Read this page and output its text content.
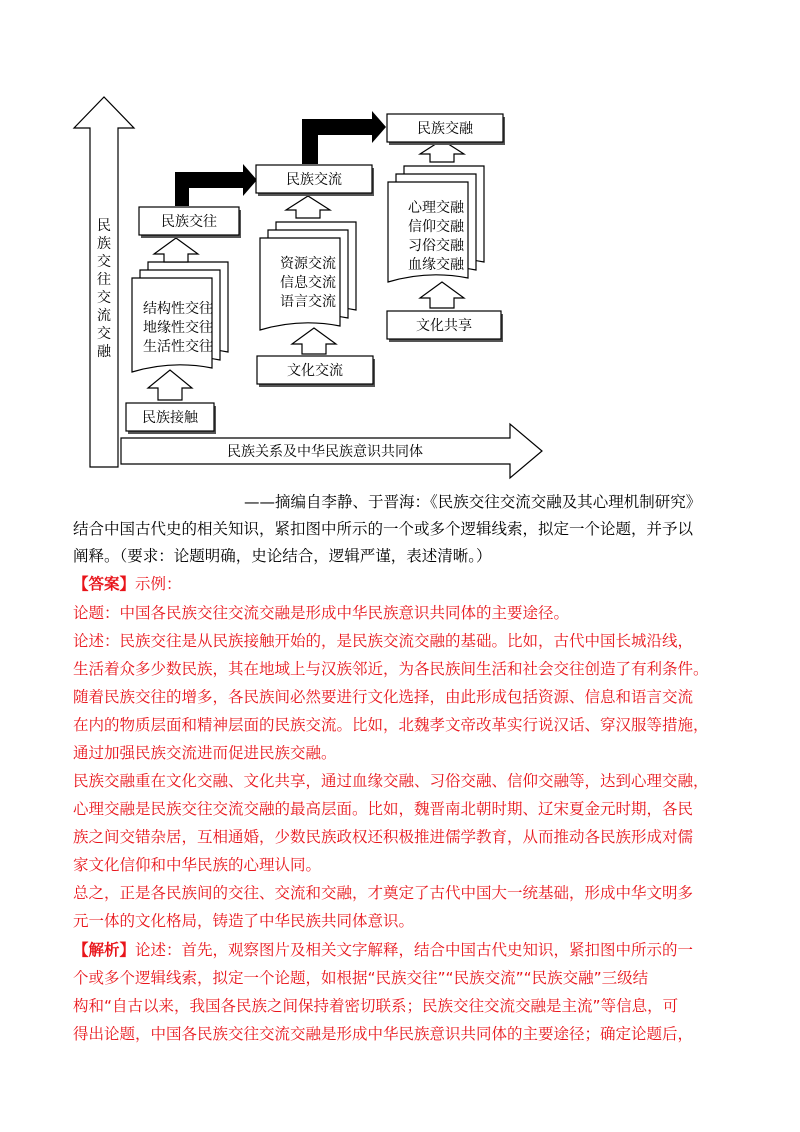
民
族
交
往
交
流
交
融
民族关系及中华民族意识共同体
民族接触
结构性交往
地缘性交往
生活性交往
民族交往
文化交流
资源交流
信息交流
语言交流
民族交流
文化共享
心理交融
信仰交融
习俗交融
血缘交融
民族交融
——摘编自李静、于晋海：《民族交往交流交融及其心理机制研究》
结合中国古代史的相关知识，紧扣图中所示的一个或多个逻辑线索，拟定一个论题，并予以
阐释。（要求：论题明确，史论结合，逻辑严谨，表述清晰。）
【答案】示例：
论题：中国各民族交往交流交融是形成中华民族意识共同体的主要途径。
论述：民族交往是从民族接触开始的，是民族交流交融的基础。比如，古代中国长城沿线，
生活着众多少数民族，其在地域上与汉族邻近，为各民族间生活和社会交往创造了有利条件。
随着民族交往的增多，各民族间必然要进行文化选择，由此形成包括资源、信息和语言交流
在内的物质层面和精神层面的民族交流。比如，北魏孝文帝改革实行说汉话、穿汉服等措施，
通过加强民族交流进而促进民族交融。
民族交融重在文化交融、文化共享，通过血缘交融、习俗交融、信仰交融等，达到心理交融，
心理交融是民族交往交流交融的最高层面。比如，魏晋南北朝时期、辽宋夏金元时期，各民
族之间交错杂居，互相通婚，少数民族政权还积极推进儒学教育，从而推动各民族形成对儒
家文化信仰和中华民族的心理认同。
总之，正是各民族间的交往、交流和交融，才奠定了古代中国大一统基础，形成中华文明多
元一体的文化格局，铸造了中华民族共同体意识。
【解析】论述：首先，观察图片及相关文字解释，结合中国古代史知识，紧扣图中所示的一
个或多个逻辑线索，拟定一个论题，如根据“民族交往”“民族交流”“民族交融”三级结
构和“自古以来，我国各民族之间保持着密切联系；民族交往交流交融是主流”等信息，可
得出论题，中国各民族交往交流交融是形成中华民族意识共同体的主要途径；确定论题后，
